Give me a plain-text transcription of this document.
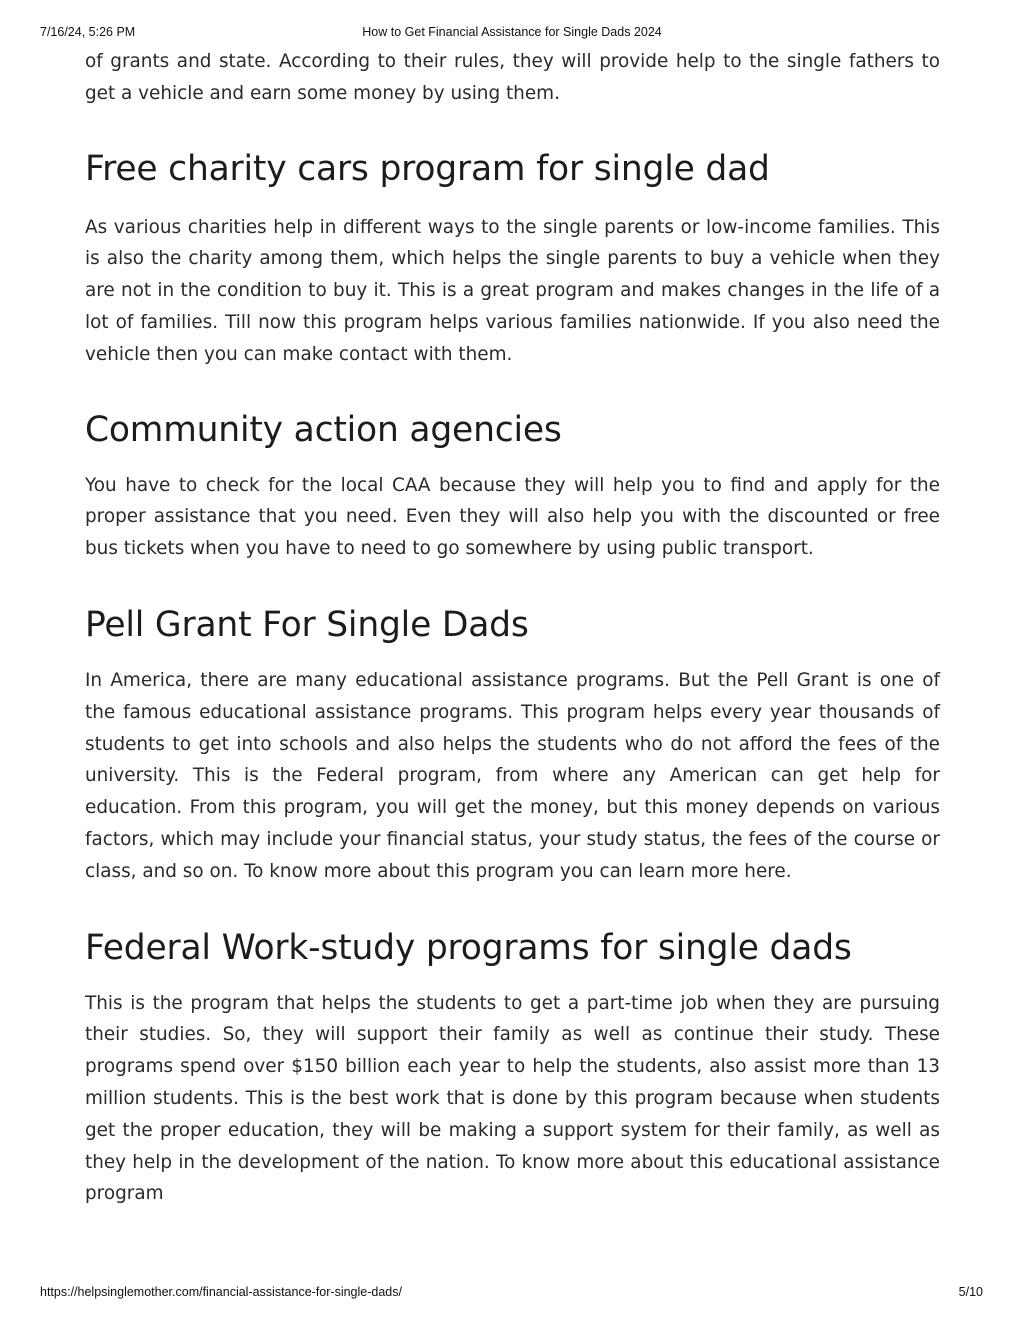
7/16/24, 5:26 PM	How to Get Financial Assistance for Single Dads 2024

of grants and state. According to their rules, they will provide help to the single fathers to get a vehicle and earn some money by using them.

Free charity cars program for single dad

As various charities help in different ways to the single parents or low-income families. This is also the charity among them, which helps the single parents to buy a vehicle when they are not in the condition to buy it. This is a great program and makes changes in the life of a lot of families. Till now this program helps various families nationwide. If you also need the vehicle then you can make contact with them.

Community action agencies

You have to check for the local CAA because they will help you to find and apply for the proper assistance that you need. Even they will also help you with the discounted or free bus tickets when you have to need to go somewhere by using public transport.

Pell Grant For Single Dads

In America, there are many educational assistance programs. But the Pell Grant is one of the famous educational assistance programs. This program helps every year thousands of students to get into schools and also helps the students who do not afford the fees of the university. This is the Federal program, from where any American can get help for education. From this program, you will get the money, but this money depends on various factors, which may include your financial status, your study status, the fees of the course or class, and so on. To know more about this program you can learn more here.

Federal Work-study programs for single dads

This is the program that helps the students to get a part-time job when they are pursuing their studies. So, they will support their family as well as continue their study. These programs spend over $150 billion each year to help the students, also assist more than 13 million students. This is the best work that is done by this program because when students get the proper education, they will be making a support system for their family, as well as they help in the development of the nation. To know more about this educational assistance program

https://helpsinglemother.com/financial-assistance-for-single-dads/	5/10
